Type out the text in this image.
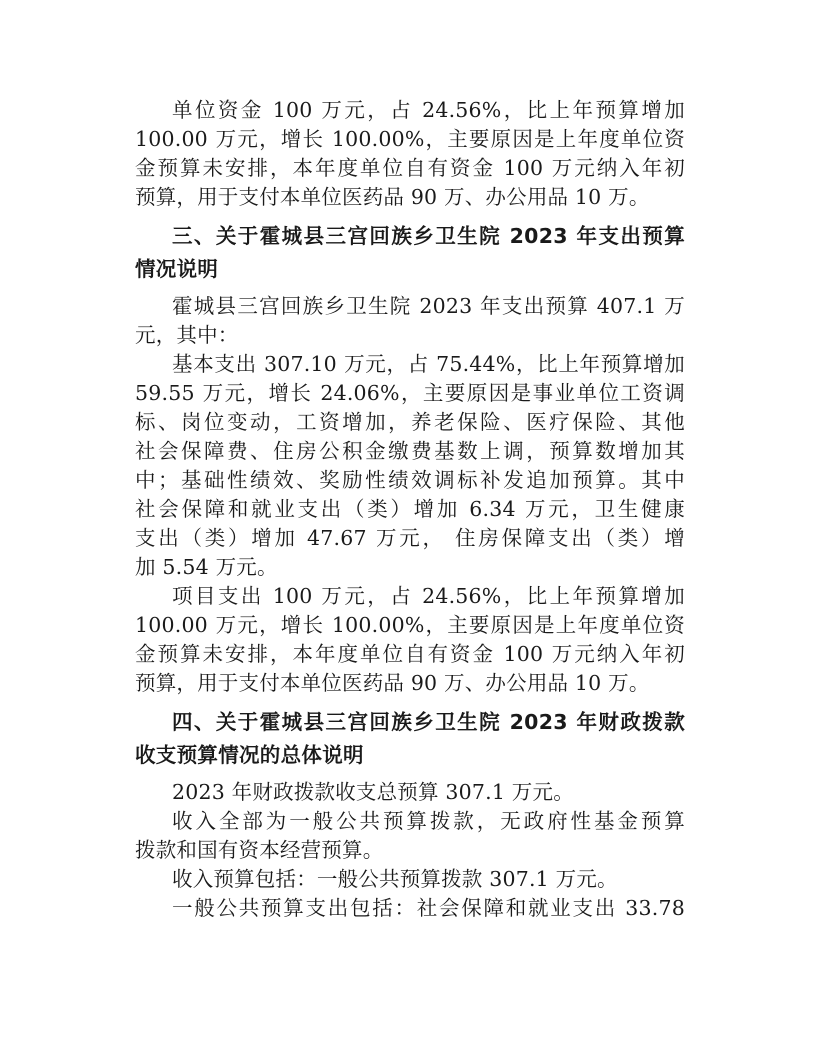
单位资金 100 万元，占 24.56%，比上年预算增加
100.00 万元，增长 100.00%，主要原因是上年度单位资
金预算未安排，本年度单位自有资金 100 万元纳入年初
预算，用于支付本单位医药品 90 万、办公用品 10 万。
三、关于霍城县三宫回族乡卫生院 2023 年支出预算
情况说明
霍城县三宫回族乡卫生院 2023 年支出预算 407.1 万
元，其中：
基本支出 307.10 万元，占 75.44%，比上年预算增加
59.55 万元，增长 24.06%，主要原因是事业单位工资调
标、岗位变动，工资增加，养老保险、医疗保险、其他
社会保障费、住房公积金缴费基数上调，预算数增加其
中；基础性绩效、奖励性绩效调标补发追加预算。其中
社会保障和就业支出（类）增加 6.34 万元，卫生健康
支出（类）增加 47.67 万元， 住房保障支出（类）增
加 5.54 万元。
项目支出 100 万元，占 24.56%，比上年预算增加
100.00 万元，增长 100.00%，主要原因是上年度单位资
金预算未安排，本年度单位自有资金 100 万元纳入年初
预算，用于支付本单位医药品 90 万、办公用品 10 万。
四、关于霍城县三宫回族乡卫生院 2023 年财政拨款
收支预算情况的总体说明
2023 年财政拨款收支总预算 307.1 万元。
收入全部为一般公共预算拨款，无政府性基金预算
拨款和国有资本经营预算。
收入预算包括：一般公共预算拨款 307.1 万元。
一般公共预算支出包括：社会保障和就业支出 33.78
